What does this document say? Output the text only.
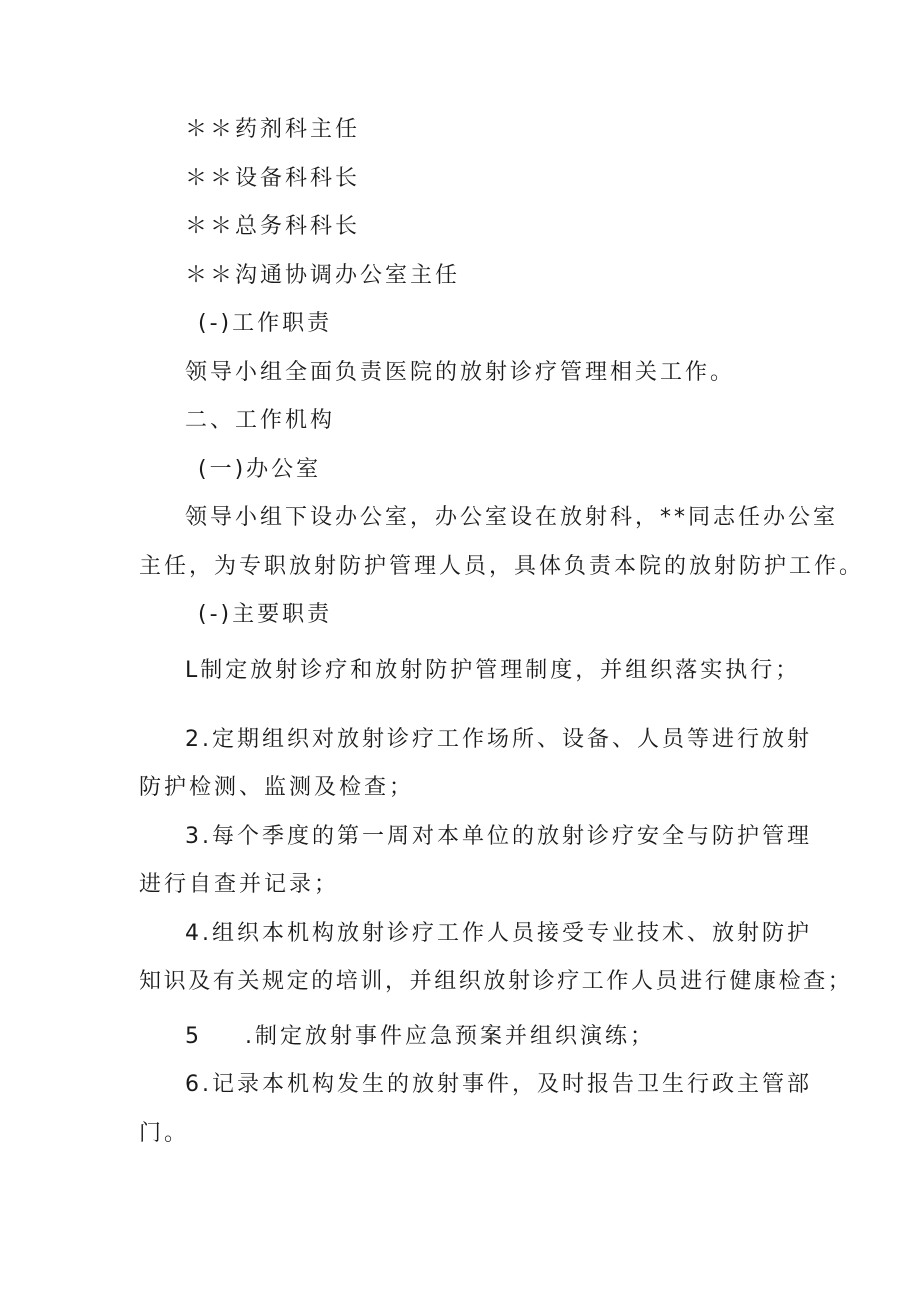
＊＊药剂科主任
＊＊设备科科长
＊＊总务科科长
＊＊沟通协调办公室主任
(-)工作职责
领导小组全面负责医院的放射诊疗管理相关工作。
二、工作机构
(一)办公室
领导小组下设办公室，办公室设在放射科，**同志任办公室
主任，为专职放射防护管理人员，具体负责本院的放射防护工作。
(-)主要职责
L制定放射诊疗和放射防护管理制度，并组织落实执行；
2.定期组织对放射诊疗工作场所、设备、人员等进行放射
防护检测、监测及检查；
3.每个季度的第一周对本单位的放射诊疗安全与防护管理
进行自查并记录；
4.组织本机构放射诊疗工作人员接受专业技术、放射防护
知识及有关规定的培训，并组织放射诊疗工作人员进行健康检查；
5 .制定放射事件应急预案并组织演练；
6.记录本机构发生的放射事件，及时报告卫生行政主管部
门。
